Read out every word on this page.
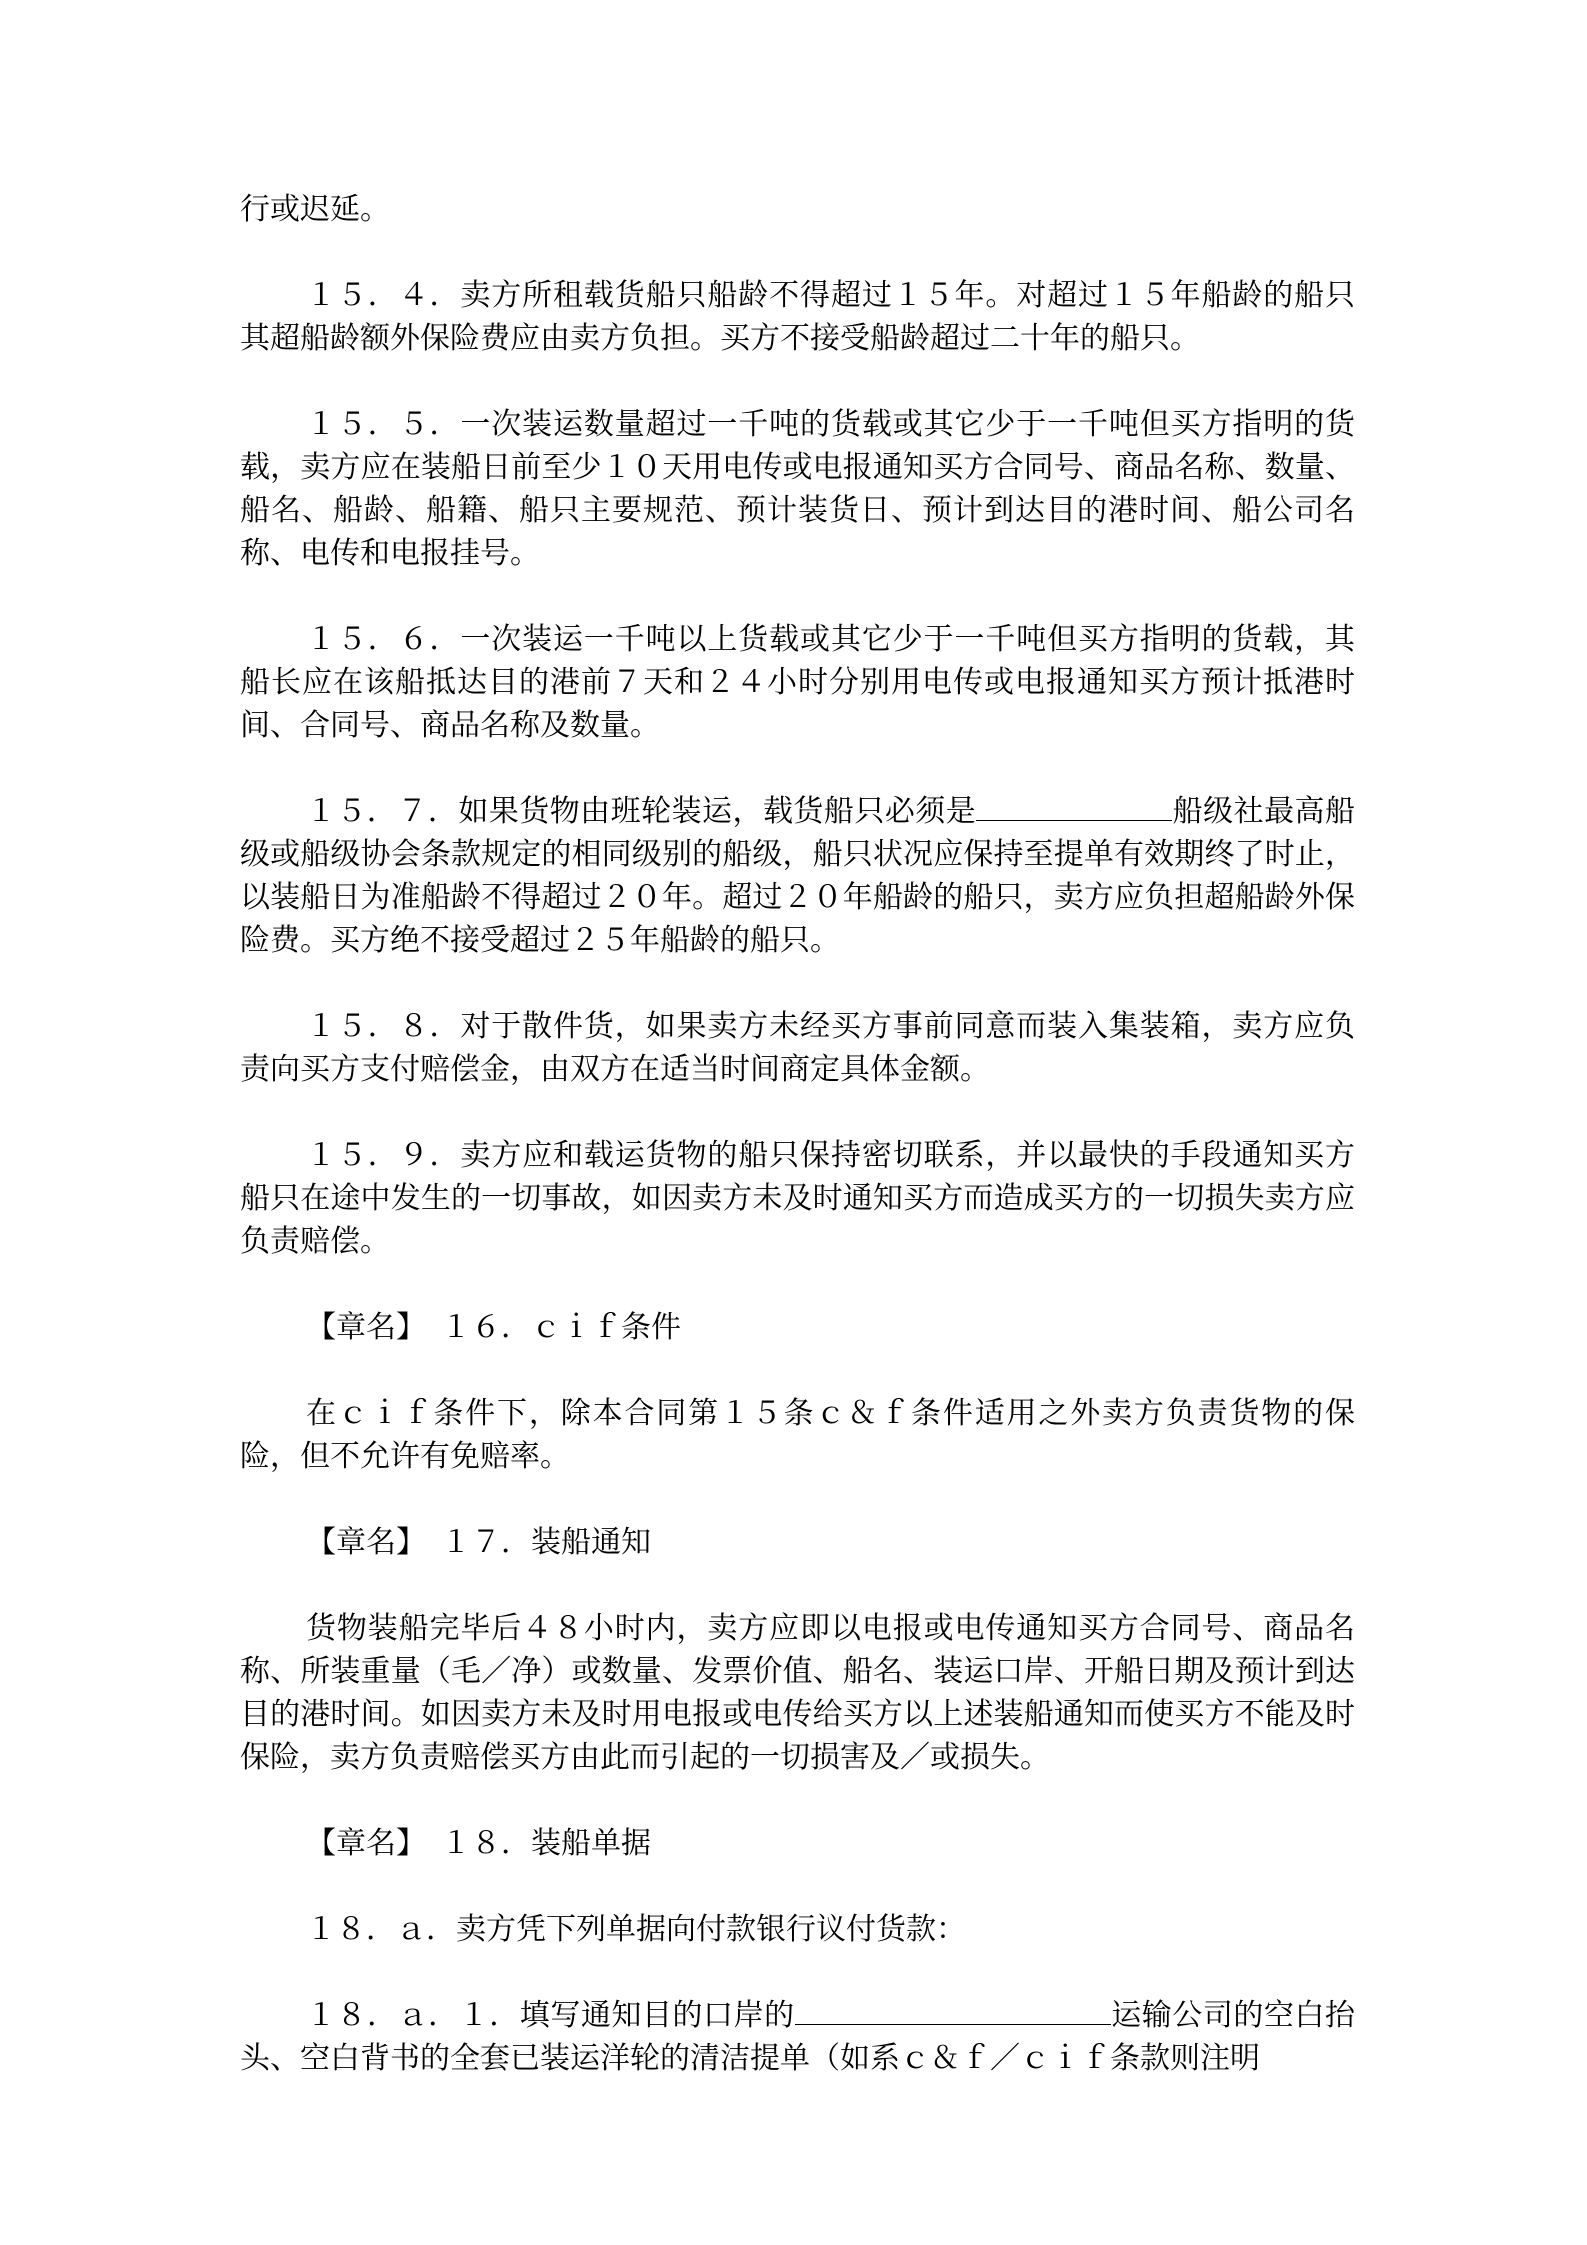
行或迟延。

１５．４．卖方所租载货船只船龄不得超过１５年。对超过１５年船龄的船只其超船龄额外保险费应由卖方负担。买方不接受船龄超过二十年的船只。

１５．５．一次装运数量超过一千吨的货载或其它少于一千吨但买方指明的货载，卖方应在装船日前至少１０天用电传或电报通知买方合同号、商品名称、数量、船名、船龄、船籍、船只主要规范、预计装货日、预计到达目的港时间、船公司名称、电传和电报挂号。

１５．６．一次装运一千吨以上货载或其它少于一千吨但买方指明的货载，其船长应在该船抵达目的港前７天和２４小时分别用电传或电报通知买方预计抵港时间、合同号、商品名称及数量。

１５．７．如果货物由班轮装运，载货船只必须是	船级社最高船级或船级协会条款规定的相同级别的船级，船只状况应保持至提单有效期终了时止，以装船日为准船龄不得超过２０年。超过２０年船龄的船只，卖方应负担超船龄外保险费。买方绝不接受超过２５年船龄的船只。

１５．８．对于散件货，如果卖方未经买方事前同意而装入集装箱，卖方应负责向买方支付赔偿金，由双方在适当时间商定具体金额。

１５．９．卖方应和载运货物的船只保持密切联系，并以最快的手段通知买方船只在途中发生的一切事故，如因卖方未及时通知买方而造成买方的一切损失卖方应负责赔偿。

【章名】　１６．ｃｉｆ条件

在ｃｉｆ条件下，除本合同第１５条ｃ＆ｆ条件适用之外卖方负责货物的保险，但不允许有免赔率。

【章名】　１７．装船通知

货物装船完毕后４８小时内，卖方应即以电报或电传通知买方合同号、商品名称、所装重量（毛／净）或数量、发票价值、船名、装运口岸、开船日期及预计到达目的港时间。如因卖方未及时用电报或电传给买方以上述装船通知而使买方不能及时保险，卖方负责赔偿买方由此而引起的一切损害及／或损失。

【章名】　１８．装船单据

１８．ａ．卖方凭下列单据向付款银行议付货款：

１８．ａ．１．填写通知目的口岸的	运输公司的空白抬头、空白背书的全套已装运洋轮的清洁提单（如系ｃ＆ｆ／ｃｉｆ条款则注明
